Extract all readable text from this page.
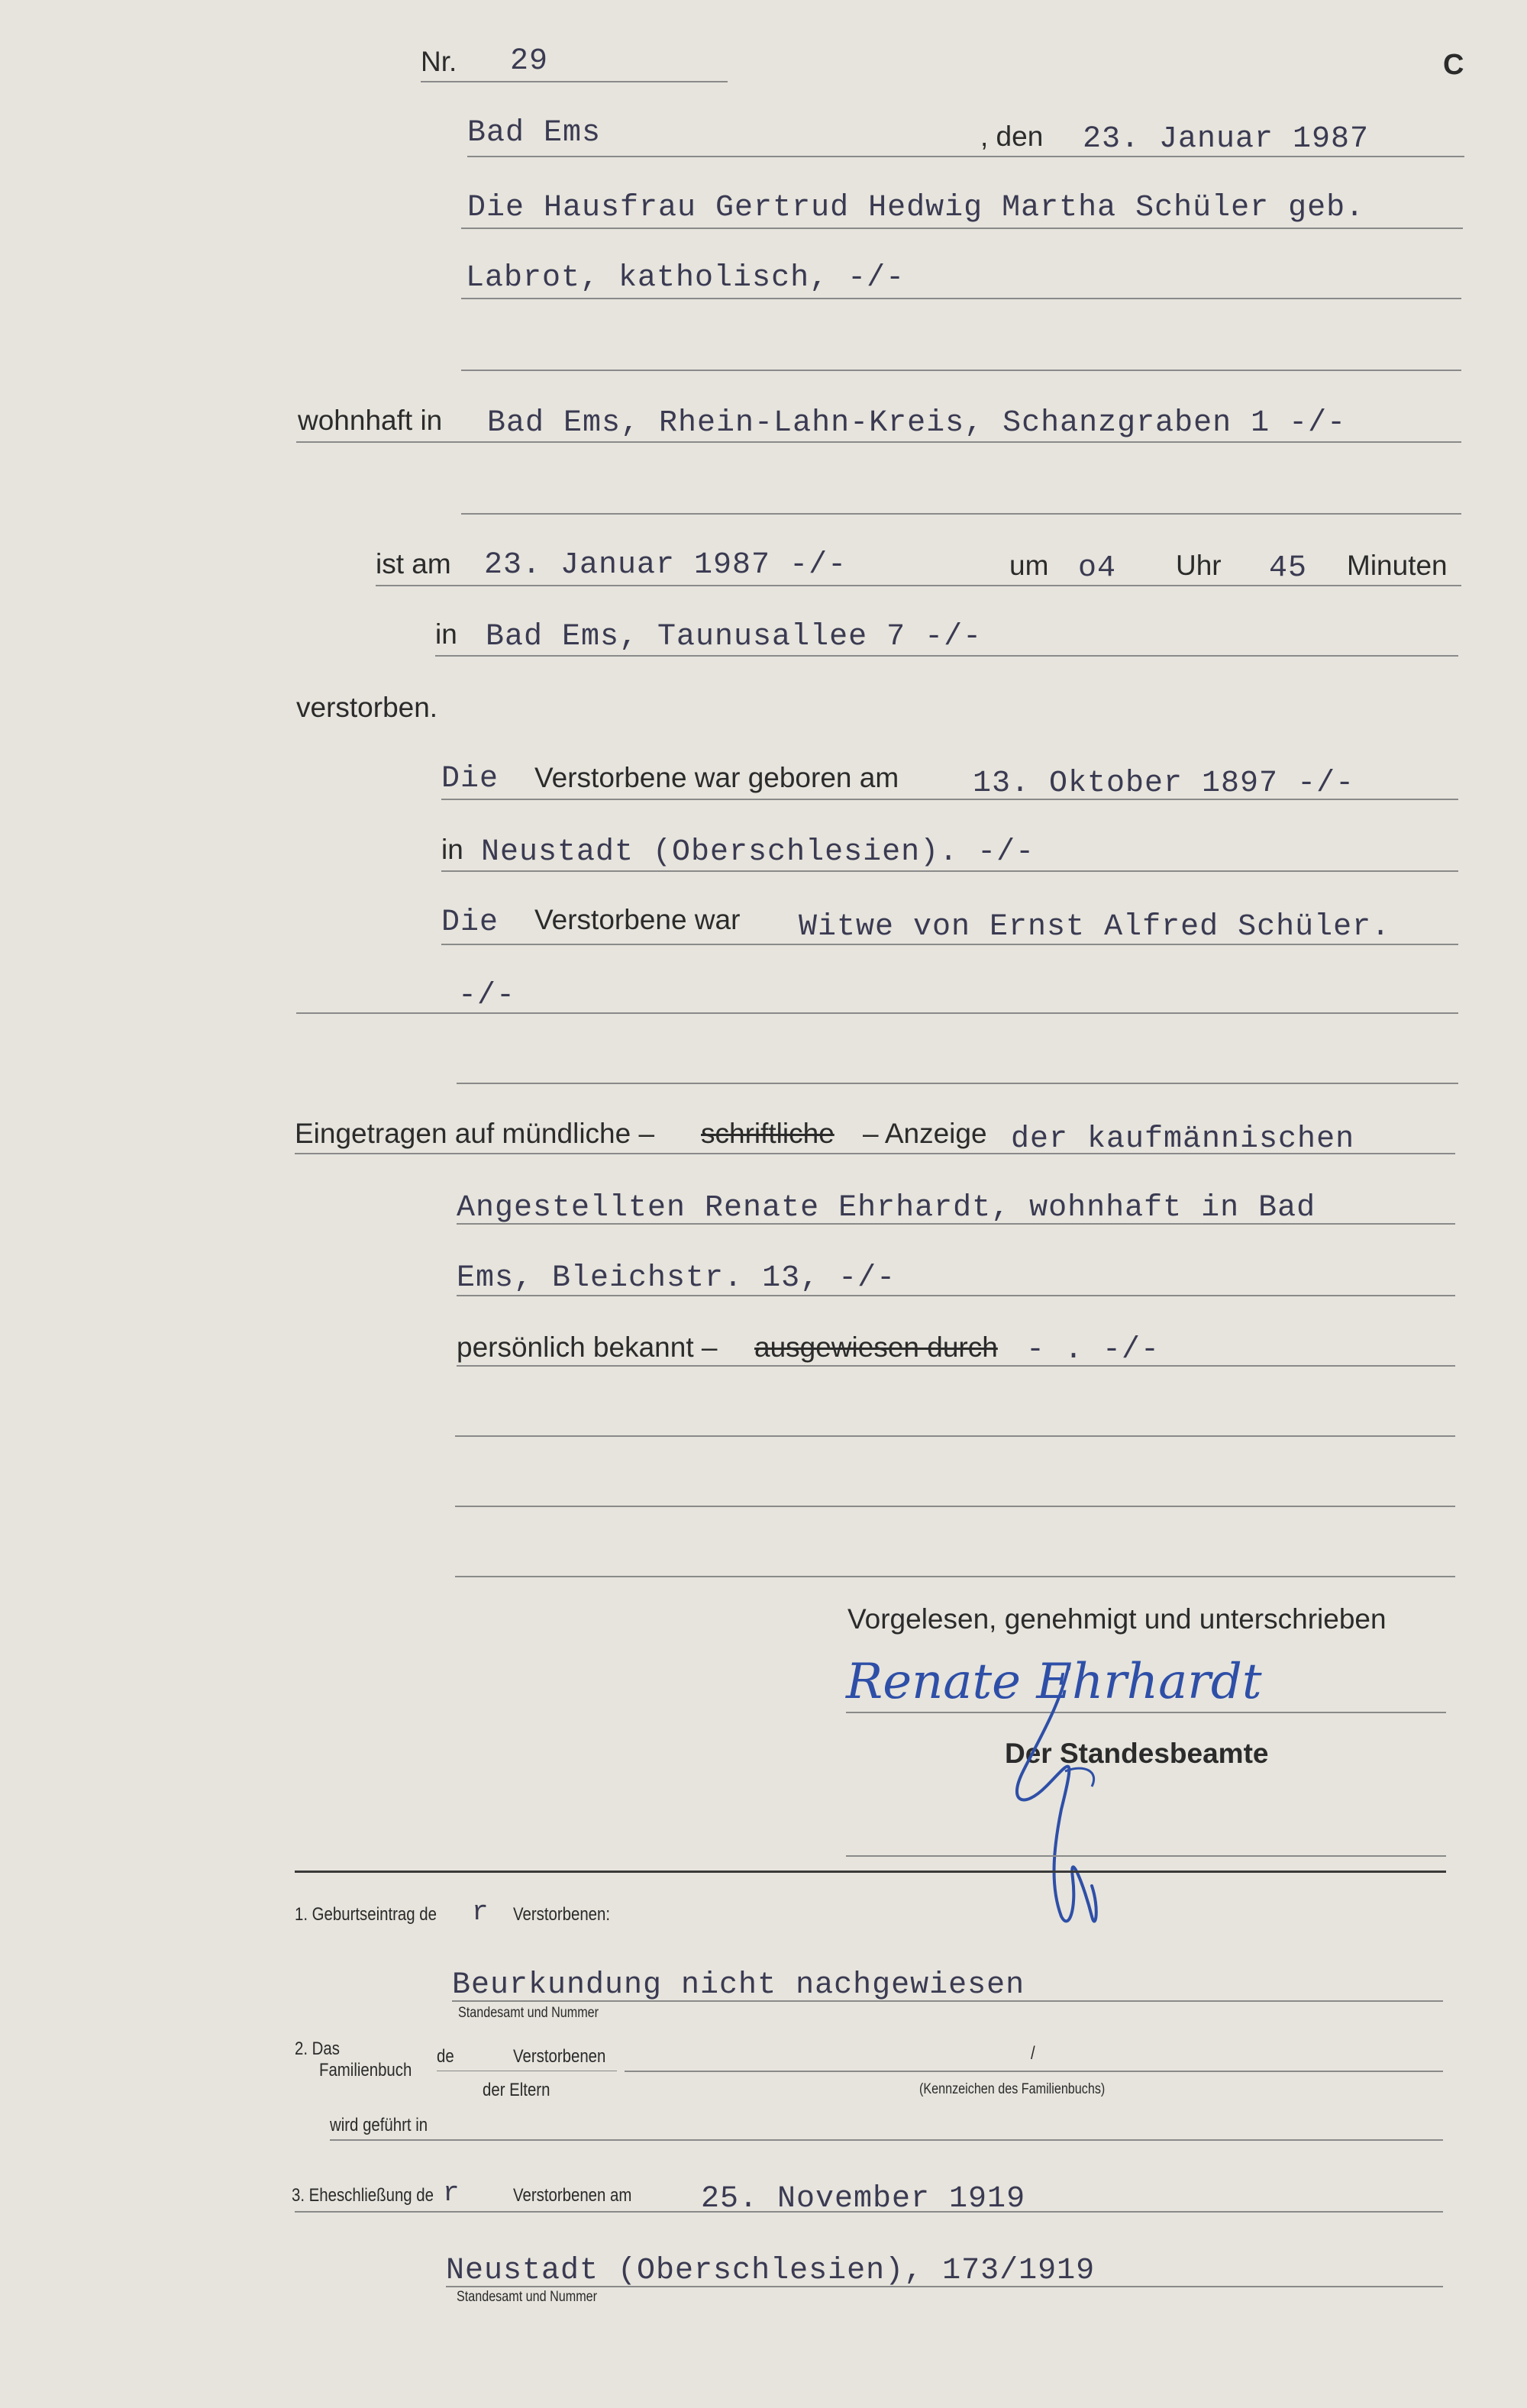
Nr. 29	C
Bad Ems	, den 23. Januar 1987
Die Hausfrau Gertrud Hedwig Martha Schüler geb.
Labrot, katholisch, -/-
wohnhaft in Bad Ems, Rhein-Lahn-Kreis, Schanzgraben 1 -/-
ist am 23. Januar 1987 -/-	um o4 Uhr 45 Minuten
in Bad Ems, Taunusallee 7 -/-
verstorben.
Die Verstorbene war geboren am 13. Oktober 1897 -/-
in Neustadt (Oberschlesien). -/-
Die Verstorbene war Witwe von Ernst Alfred Schüler.
-/-
Eingetragen auf mündliche – schriftliche – Anzeige der kaufmännischen
Angestellten Renate Ehrhardt, wohnhaft in Bad
Ems, Bleichstr. 13, -/-
persönlich bekannt – ausgewiesen durch - . -/-
Vorgelesen, genehmigt und unterschrieben
Renate Ehrhardt
Der Standesbeamte
1. Geburtseintrag de r Verstorbenen:
Beurkundung nicht nachgewiesen
Standesamt und Nummer
2. Das
Familienbuch
de	Verstorbenen	/
der Eltern	(Kennzeichen des Familienbuchs)
wird geführt in
3. Eheschließung de r	Verstorbenen am 25. November 1919
Neustadt (Oberschlesien), 173/1919
Standesamt und Nummer
